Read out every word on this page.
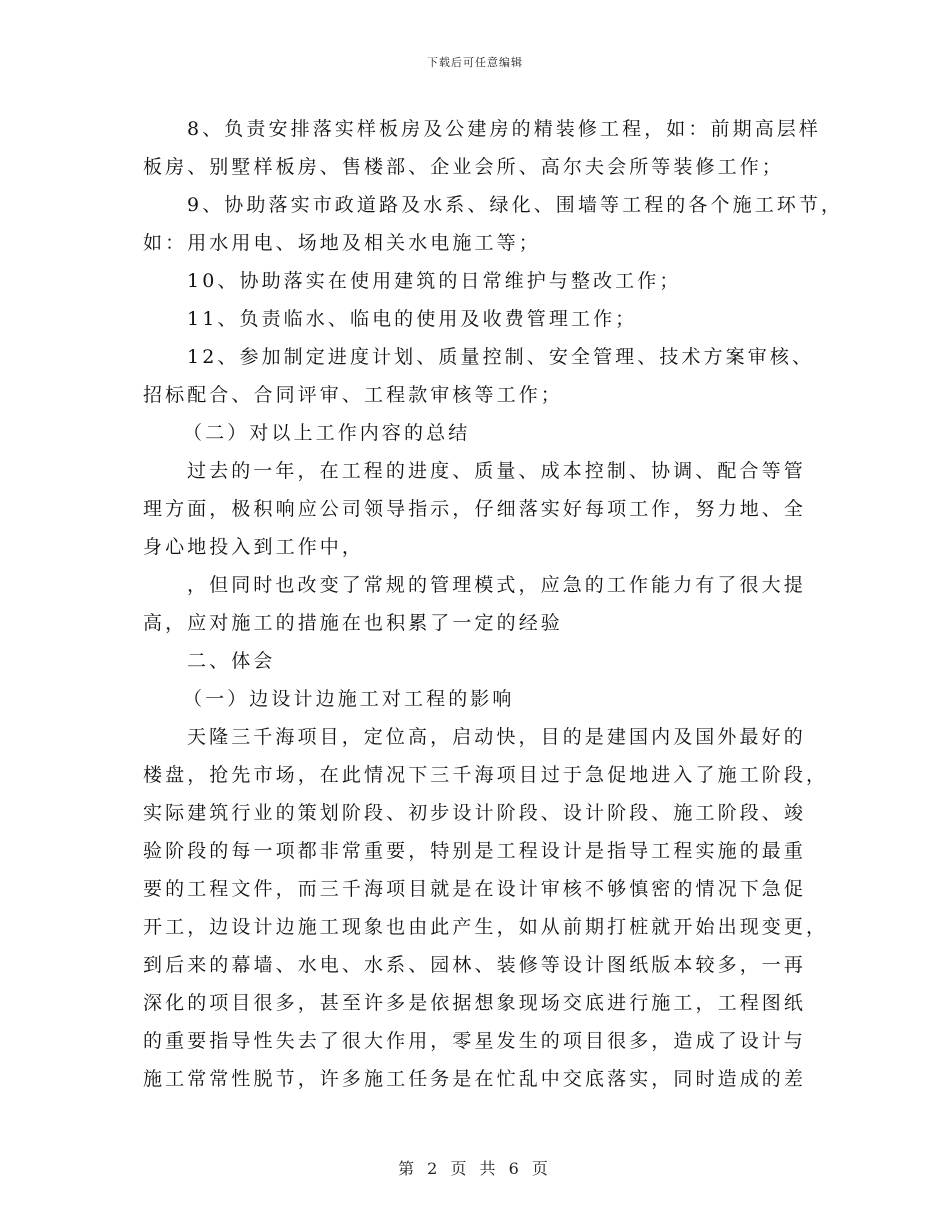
下载后可任意编辑
8、负责安排落实样板房及公建房的精装修工程，如：前期高层样
板房、别墅样板房、售楼部、企业会所、高尔夫会所等装修工作；
9、协助落实市政道路及水系、绿化、围墙等工程的各个施工环节，
如：用水用电、场地及相关水电施工等；
10、协助落实在使用建筑的日常维护与整改工作；
11、负责临水、临电的使用及收费管理工作；
12、参加制定进度计划、质量控制、安全管理、技术方案审核、
招标配合、合同评审、工程款审核等工作；
（二）对以上工作内容的总结
过去的一年，在工程的进度、质量、成本控制、协调、配合等管
理方面，极积响应公司领导指示，仔细落实好每项工作，努力地、全
身心地投入到工作中，
，但同时也改变了常规的管理模式，应急的工作能力有了很大提
高，应对施工的措施在也积累了一定的经验
二、体会
（一）边设计边施工对工程的影响
天隆三千海项目，定位高，启动快，目的是建国内及国外最好的
楼盘，抢先市场，在此情况下三千海项目过于急促地进入了施工阶段，
实际建筑行业的策划阶段、初步设计阶段、设计阶段、施工阶段、竣
验阶段的每一项都非常重要，特别是工程设计是指导工程实施的最重
要的工程文件，而三千海项目就是在设计审核不够慎密的情况下急促
开工，边设计边施工现象也由此产生，如从前期打桩就开始出现变更，
到后来的幕墙、水电、水系、园林、装修等设计图纸版本较多，一再
深化的项目很多，甚至许多是依据想象现场交底进行施工，工程图纸
的重要指导性失去了很大作用，零星发生的项目很多，造成了设计与
施工常常性脱节，许多施工任务是在忙乱中交底落实，同时造成的差
第 2 页 共 6 页
